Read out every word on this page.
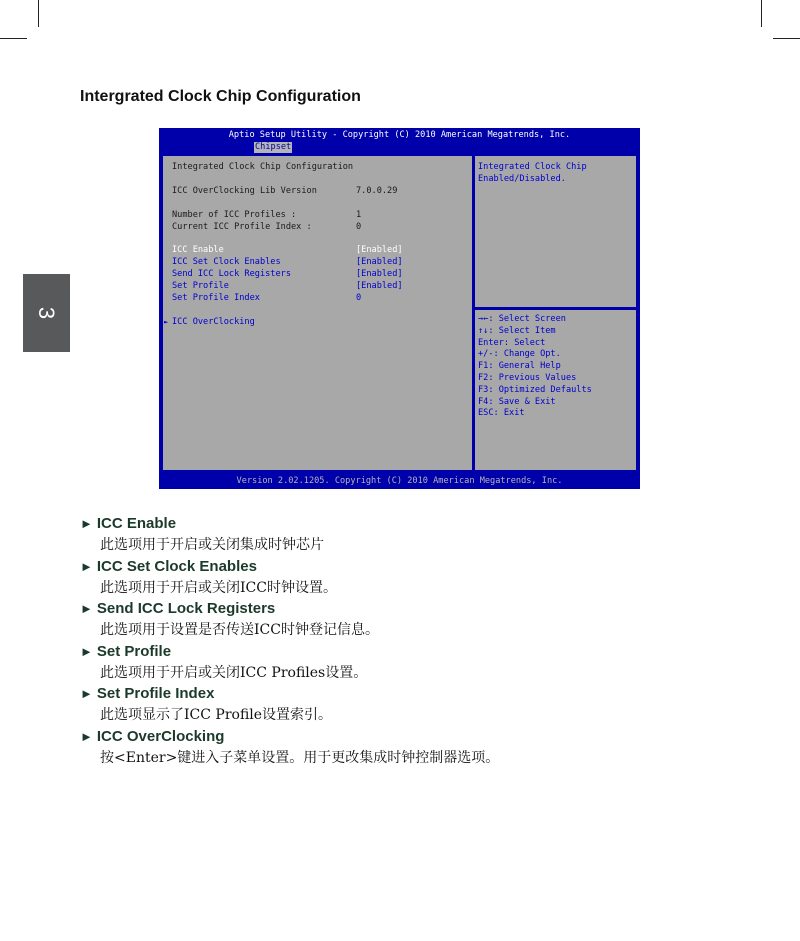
3
Intergrated Clock Chip Configuration
Aptio Setup Utility - Copyright (C) 2010 American Megatrends, Inc.
Chipset
Integrated Clock Chip Configuration
ICC OverClocking Lib Version	7.0.0.29
Number of ICC Profiles :	1
Current ICC Profile Index :	0
ICC Enable	[Enabled]
ICC Set Clock Enables	[Enabled]
Send ICC Lock Registers	[Enabled]
Set Profile	[Enabled]
Set Profile Index	0
► ICC OverClocking
Integrated Clock Chip
Enabled/Disabled.
→←: Select Screen
↑↓: Select Item
Enter: Select
+/-: Change Opt.
F1: General Help
F2: Previous Values
F3: Optimized Defaults
F4: Save & Exit
ESC: Exit
Version 2.02.1205. Copyright (C) 2010 American Megatrends, Inc.
► ICC Enable
此选项用于开启或关闭集成时钟芯片
► ICC Set Clock Enables
此选项用于开启或关闭ICC时钟设置。
► Send ICC Lock Registers
此选项用于设置是否传送ICC时钟登记信息。
► Set Profile
此选项用于开启或关闭ICC Profiles设置。
► Set Profile Index
此选项显示了ICC Profile设置索引。
► ICC OverClocking
按<Enter>键进入子菜单设置。用于更改集成时钟控制器选项。
